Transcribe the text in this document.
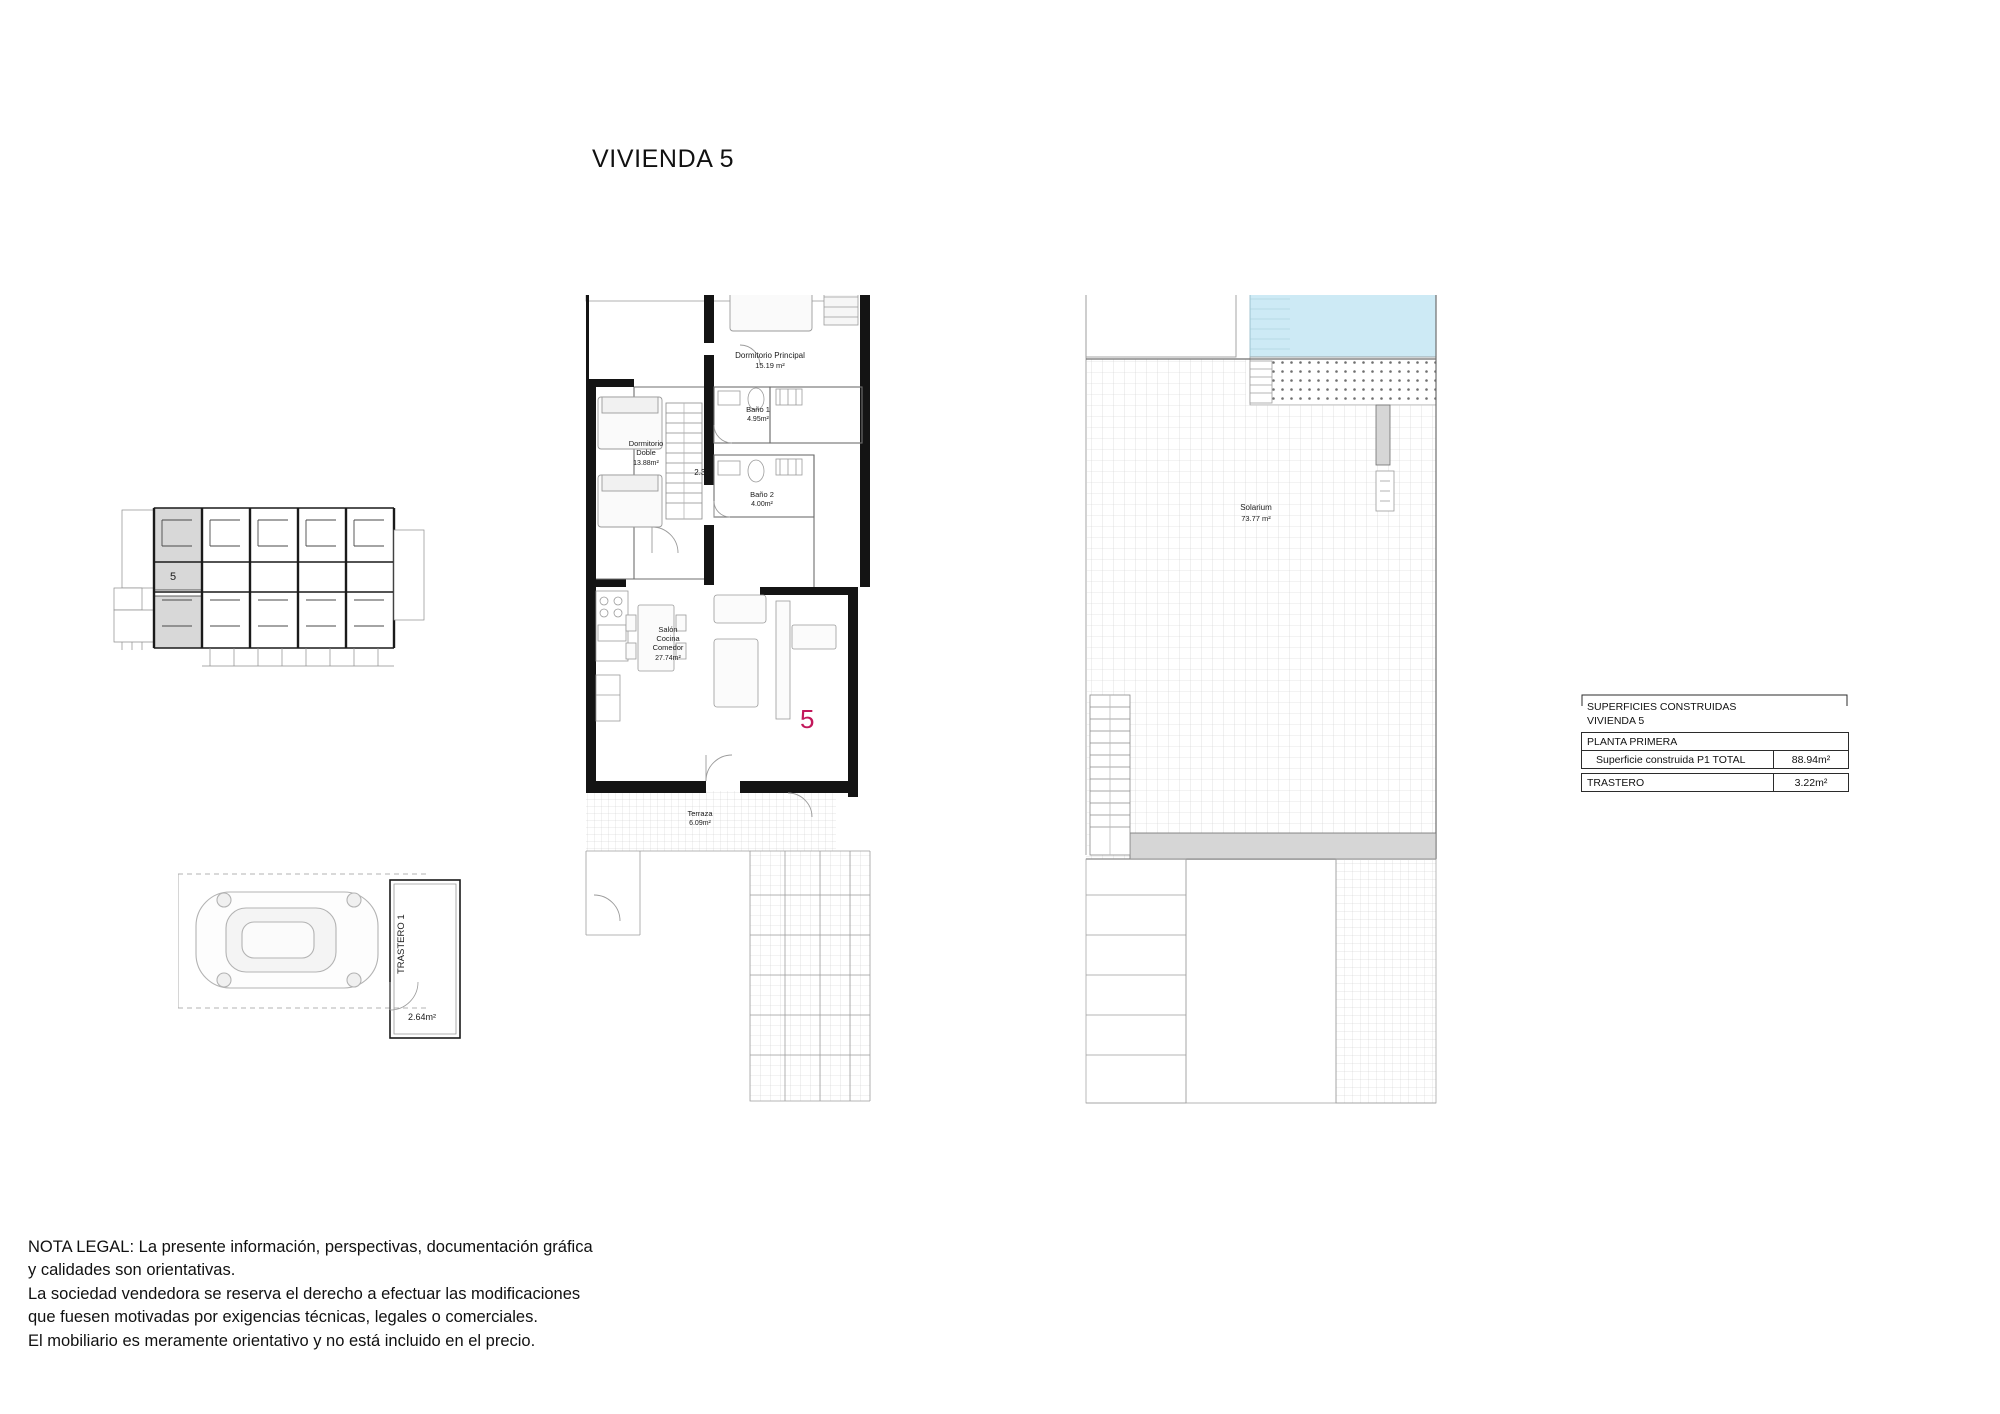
VIVIENDA 5
5
TRASTERO 1
2.64m²
Dormitorio Principal
15.19 m²
Baño 1
4.95m²
Dormitorio
Doble
13.88m²
Baño 2
4.00m²
Salón
Cocina
Comedor
27.74m²
Terraza
6.09m²
2.30
5
Solarium
73.77 m²
SUPERFICIES CONSTRUIDAS
VIVIENDA 5
PLANTA PRIMERA	
Superficie construida P1 TOTAL	88.94m²

TRASTERO	3.22m²
NOTA LEGAL: La presente información, perspectivas, documentación gráfica
y calidades son orientativas.
La sociedad vendedora se reserva el derecho a efectuar las modificaciones
que fuesen motivadas por exigencias técnicas, legales o comerciales.
El mobiliario es meramente orientativo y no está incluido en el precio.
